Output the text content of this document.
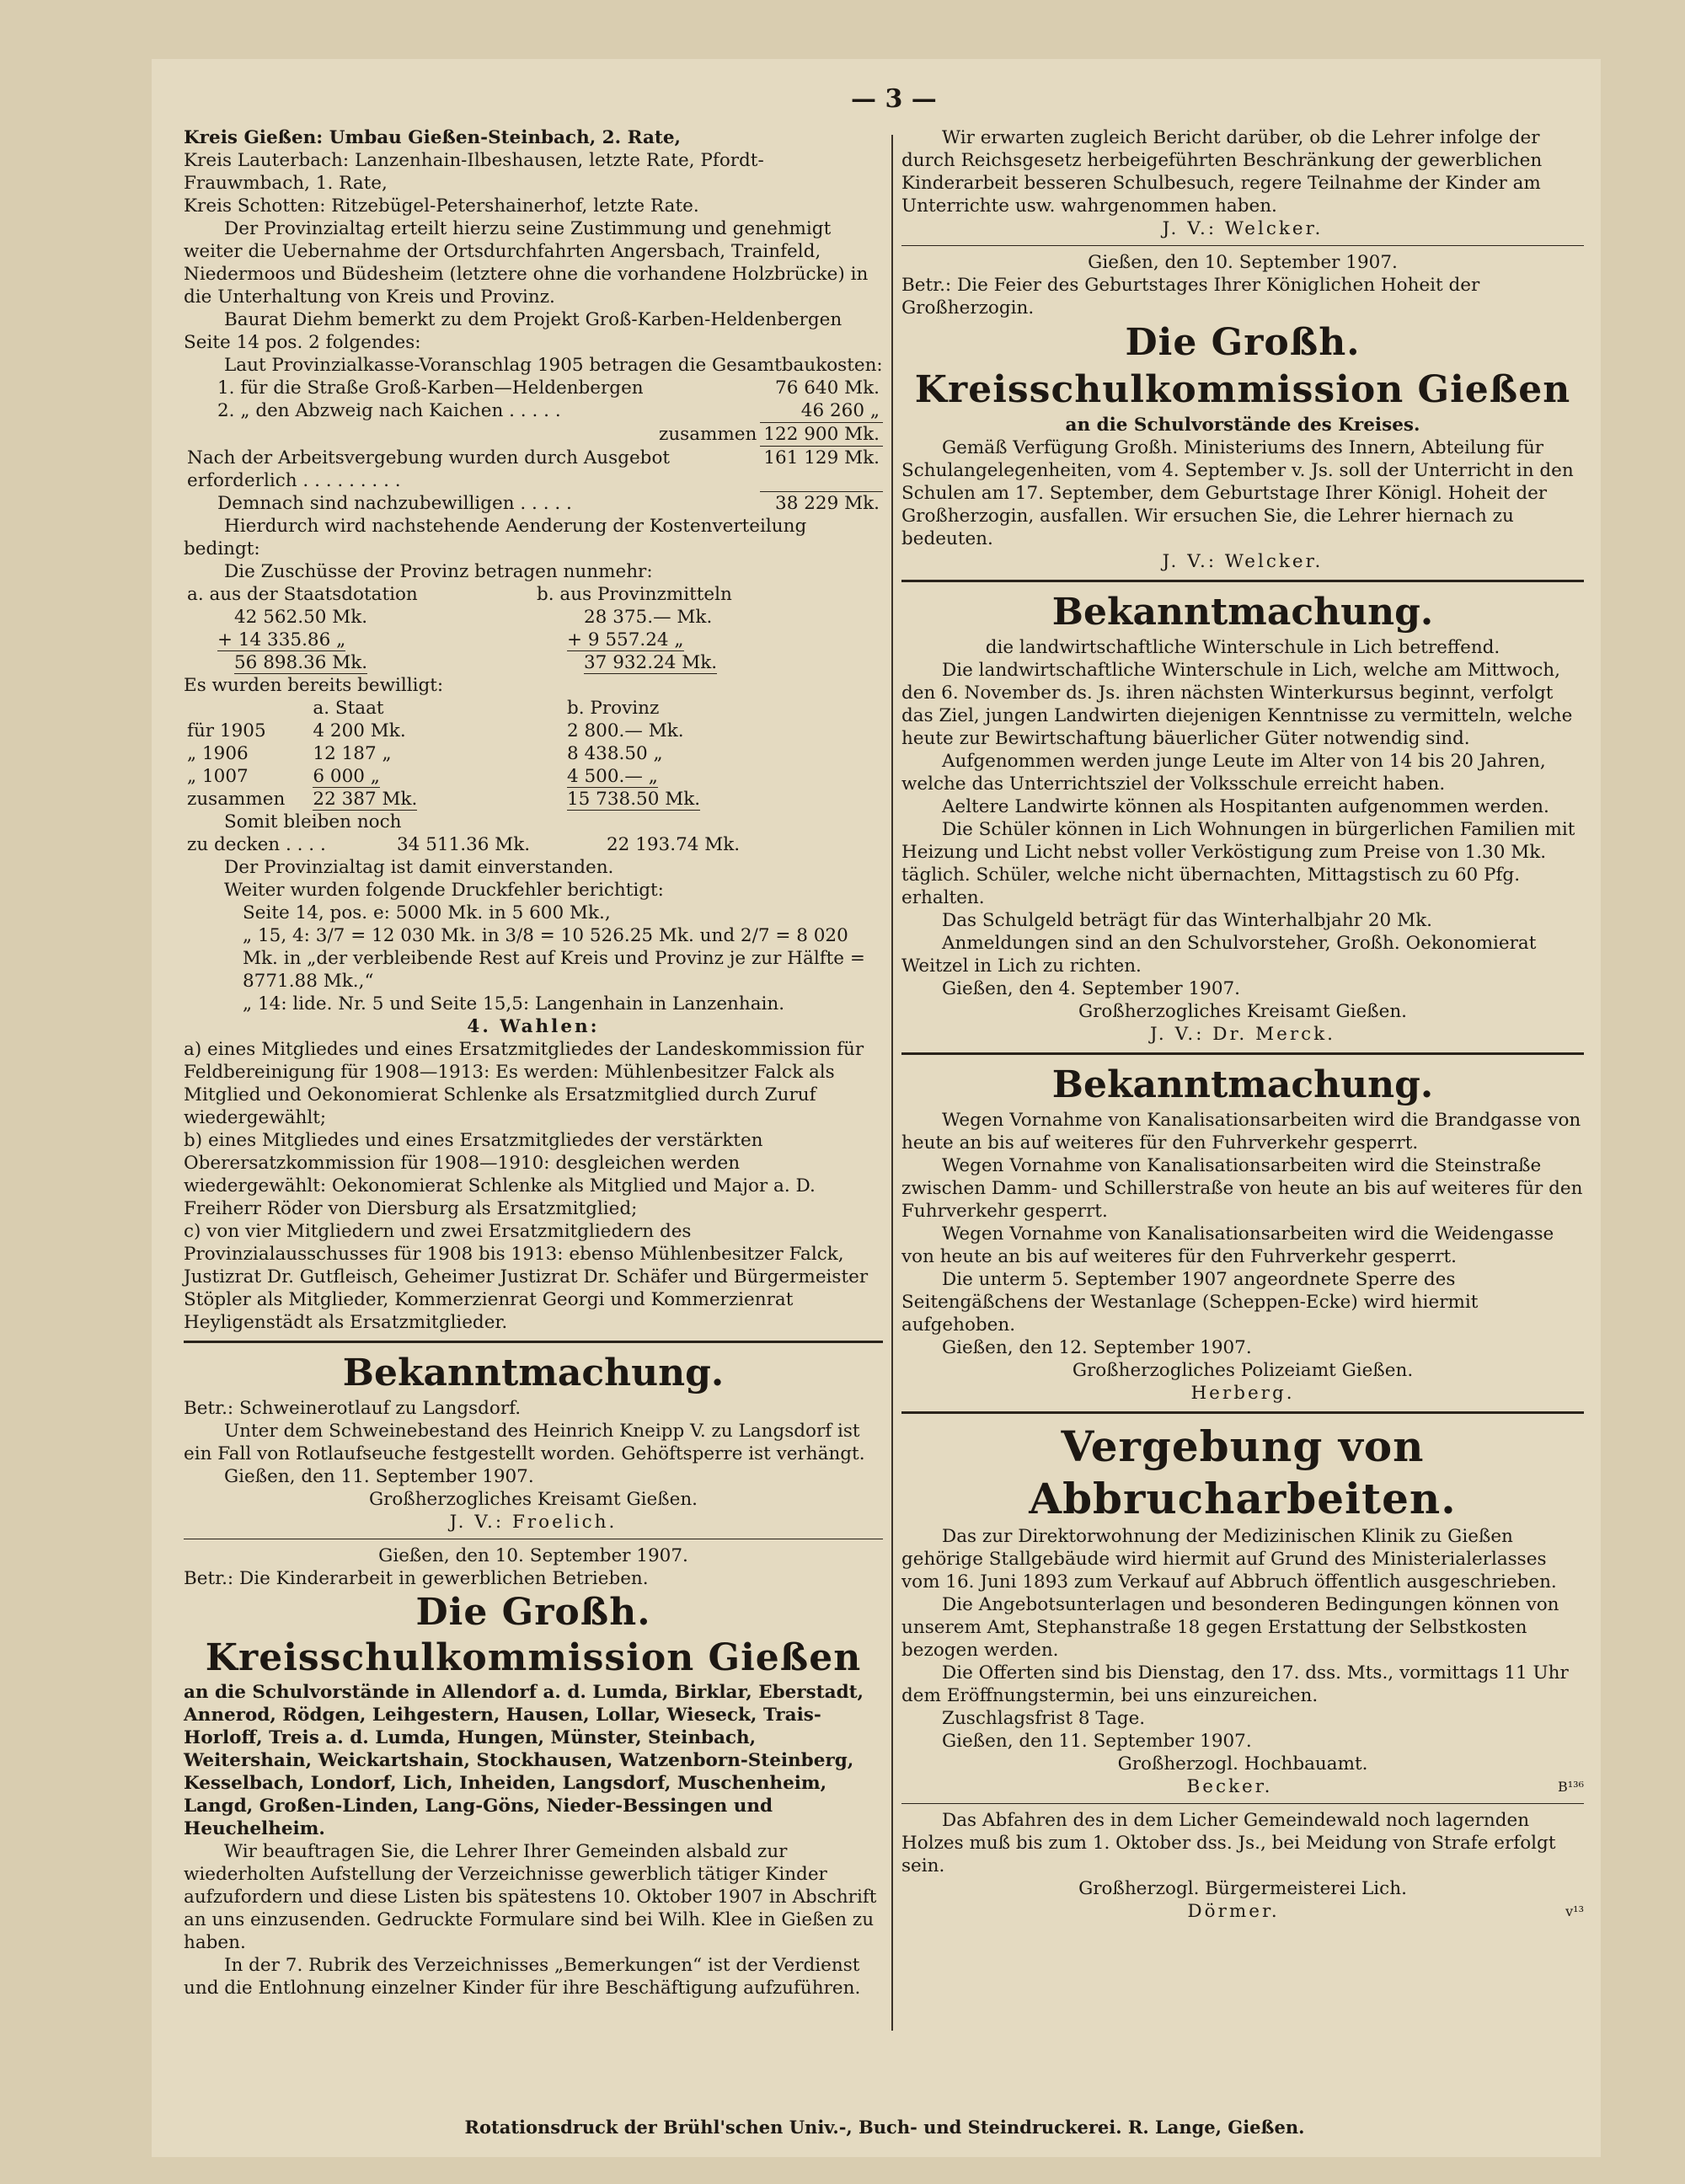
— 3 —

Kreis Gießen: Umbau Gießen-Steinbach, 2. Rate,

Kreis Lauterbach: Lanzenhain-Ilbeshausen, letzte Rate, Pfordt-Frauwmbach, 1. Rate,

Kreis Schotten: Ritzebügel-Petershainerhof, letzte Rate.

Der Provinzialtag erteilt hierzu seine Zustimmung und genehmigt weiter die Uebernahme der Ortsdurchfahrten Angersbach, Trainfeld, Niedermoos und Büdesheim (letztere ohne die vorhandene Holzbrücke) in die Unterhaltung von Kreis und Provinz.

Baurat Diehm bemerkt zu dem Projekt Groß-Karben-Heldenbergen Seite 14 pos. 2 folgendes:

Laut Provinzialkasse-Voranschlag 1905 betragen die Gesamtbaukosten:

1. für die Straße Groß-Karben—Heldenbergen	76 640 Mk.
2. „ den Abzweig nach Kaichen . . . . .	46 260 „
zusammen	122 900 Mk.
Nach der Arbeitsvergebung wurden durch Ausgebot erforderlich . . . . . . . . .	161 129 Mk.
Demnach sind nachzubewilligen . . . . .	38 229 Mk.

Hierdurch wird nachstehende Aenderung der Kostenverteilung bedingt:

Die Zuschüsse der Provinz betragen nunmehr:

a. aus der Staatsdotation	b. aus Provinzmitteln
42 562.50 Mk.	28 375.— Mk.
+ 14 335.86 „	+ 9 557.24 „
56 898.36 Mk.	37 932.24 Mk.

Es wurden bereits bewilligt:

	a. Staat	b. Provinz
für 1905	4 200 Mk.	2 800.— Mk.
„ 1906	12 187 „	8 438.50 „
„ 1007	6 000 „	4 500.— „
zusammen	22 387 Mk.	15 738.50 Mk.

Somit bleiben noch

zu decken . . . .	34 511.36 Mk.	22 193.74 Mk.

Der Provinzialtag ist damit einverstanden.

Weiter wurden folgende Druckfehler berichtigt:

Seite 14, pos. e: 5000 Mk. in 5 600 Mk.,

„ 15, 4: 3/7 = 12 030 Mk. in 3/8 = 10 526.25 Mk. und 2/7 = 8 020 Mk. in „der verbleibende Rest auf Kreis und Provinz je zur Hälfte = 8771.88 Mk.,“

„ 14: lide. Nr. 5 und Seite 15,5: Langenhain in Lanzenhain.

4. Wahlen:

a) eines Mitgliedes und eines Ersatzmitgliedes der Landeskommission für Feldbereinigung für 1908—1913: Es werden: Mühlenbesitzer Falck als Mitglied und Oekonomierat Schlenke als Ersatzmitglied durch Zuruf wiedergewählt;

b) eines Mitgliedes und eines Ersatzmitgliedes der verstärkten Oberersatzkommission für 1908—1910: desgleichen werden wiedergewählt: Oekonomierat Schlenke als Mitglied und Major a. D. Freiherr Röder von Diersburg als Ersatzmitglied;

c) von vier Mitgliedern und zwei Ersatzmitgliedern des Provinzialausschusses für 1908 bis 1913: ebenso Mühlenbesitzer Falck, Justizrat Dr. Gutfleisch, Geheimer Justizrat Dr. Schäfer und Bürgermeister Stöpler als Mitglieder, Kommerzienrat Georgi und Kommerzienrat Heyligenstädt als Ersatzmitglieder.

Bekanntmachung.

Betr.: Schweinerotlauf zu Langsdorf.

Unter dem Schweinebestand des Heinrich Kneipp V. zu Langsdorf ist ein Fall von Rotlaufseuche festgestellt worden. Gehöftsperre ist verhängt.

Gießen, den 11. September 1907.

Großherzogliches Kreisamt Gießen.

J. V.: Froelich.

Gießen, den 10. September 1907.

Betr.: Die Kinderarbeit in gewerblichen Betrieben.

Die Großh. Kreisschulkommission Gießen

an die Schulvorstände in Allendorf a. d. Lumda, Birklar, Eberstadt, Annerod, Rödgen, Leihgestern, Hausen, Lollar, Wieseck, Trais-Horloff, Treis a. d. Lumda, Hungen, Münster, Steinbach, Weitershain, Weickartshain, Stockhausen, Watzenborn-Steinberg, Kesselbach, Londorf, Lich, Inheiden, Langsdorf, Muschenheim, Langd, Großen-Linden, Lang-Göns, Nieder-Bessingen und Heuchelheim.

Wir beauftragen Sie, die Lehrer Ihrer Gemeinden alsbald zur wiederholten Aufstellung der Verzeichnisse gewerblich tätiger Kinder aufzufordern und diese Listen bis spätestens 10. Oktober 1907 in Abschrift an uns einzusenden. Gedruckte Formulare sind bei Wilh. Klee in Gießen zu haben.

In der 7. Rubrik des Verzeichnisses „Bemerkungen“ ist der Verdienst und die Entlohnung einzelner Kinder für ihre Beschäftigung aufzuführen.

Wir erwarten zugleich Bericht darüber, ob die Lehrer infolge der durch Reichsgesetz herbeigeführten Beschränkung der gewerblichen Kinderarbeit besseren Schulbesuch, regere Teilnahme der Kinder am Unterrichte usw. wahrgenommen haben.

J. V.: Welcker.

Gießen, den 10. September 1907.

Betr.: Die Feier des Geburtstages Ihrer Königlichen Hoheit der Großherzogin.

Die Großh. Kreisschulkommission Gießen

an die Schulvorstände des Kreises.

Gemäß Verfügung Großh. Ministeriums des Innern, Abteilung für Schulangelegenheiten, vom 4. September v. Js. soll der Unterricht in den Schulen am 17. September, dem Geburtstage Ihrer Königl. Hoheit der Großherzogin, ausfallen. Wir ersuchen Sie, die Lehrer hiernach zu bedeuten.

J. V.: Welcker.

Bekanntmachung.

die landwirtschaftliche Winterschule in Lich betreffend.

Die landwirtschaftliche Winterschule in Lich, welche am Mittwoch, den 6. November ds. Js. ihren nächsten Winterkursus beginnt, verfolgt das Ziel, jungen Landwirten diejenigen Kenntnisse zu vermitteln, welche heute zur Bewirtschaftung bäuerlicher Güter notwendig sind.

Aufgenommen werden junge Leute im Alter von 14 bis 20 Jahren, welche das Unterrichtsziel der Volksschule erreicht haben.

Aeltere Landwirte können als Hospitanten aufgenommen werden.

Die Schüler können in Lich Wohnungen in bürgerlichen Familien mit Heizung und Licht nebst voller Verköstigung zum Preise von 1.30 Mk. täglich. Schüler, welche nicht übernachten, Mittagstisch zu 60 Pfg. erhalten.

Das Schulgeld beträgt für das Winterhalbjahr 20 Mk.

Anmeldungen sind an den Schulvorsteher, Großh. Oekonomierat Weitzel in Lich zu richten.

Gießen, den 4. September 1907.

Großherzogliches Kreisamt Gießen.

J. V.: Dr. Merck.

Bekanntmachung.

Wegen Vornahme von Kanalisationsarbeiten wird die Brandgasse von heute an bis auf weiteres für den Fuhrverkehr gesperrt.

Wegen Vornahme von Kanalisationsarbeiten wird die Steinstraße zwischen Damm- und Schillerstraße von heute an bis auf weiteres für den Fuhrverkehr gesperrt.

Wegen Vornahme von Kanalisationsarbeiten wird die Weidengasse von heute an bis auf weiteres für den Fuhrverkehr gesperrt.

Die unterm 5. September 1907 angeordnete Sperre des Seitengäßchens der Westanlage (Scheppen-Ecke) wird hiermit aufgehoben.

Gießen, den 12. September 1907.

Großherzogliches Polizeiamt Gießen.

Herberg.

Vergebung von Abbrucharbeiten.

Das zur Direktorwohnung der Medizinischen Klinik zu Gießen gehörige Stallgebäude wird hiermit auf Grund des Ministerialerlasses vom 16. Juni 1893 zum Verkauf auf Abbruch öffentlich ausgeschrieben.

Die Angebotsunterlagen und besonderen Bedingungen können von unserem Amt, Stephanstraße 18 gegen Erstattung der Selbstkosten bezogen werden.

Die Offerten sind bis Dienstag, den 17. dss. Mts., vormittags 11 Uhr dem Eröffnungstermin, bei uns einzureichen.

Zuschlagsfrist 8 Tage.

Gießen, den 11. September 1907.

Großherzogl. Hochbauamt.

Becker.	B¹³⁶

Das Abfahren des in dem Licher Gemeindewald noch lagernden Holzes muß bis zum 1. Oktober dss. Js., bei Meidung von Strafe erfolgt sein.

Großherzogl. Bürgermeisterei Lich.

Dörmer.	v¹³

Rotationsdruck der Brühl'schen Univ.-, Buch- und Steindruckerei. R. Lange, Gießen.
